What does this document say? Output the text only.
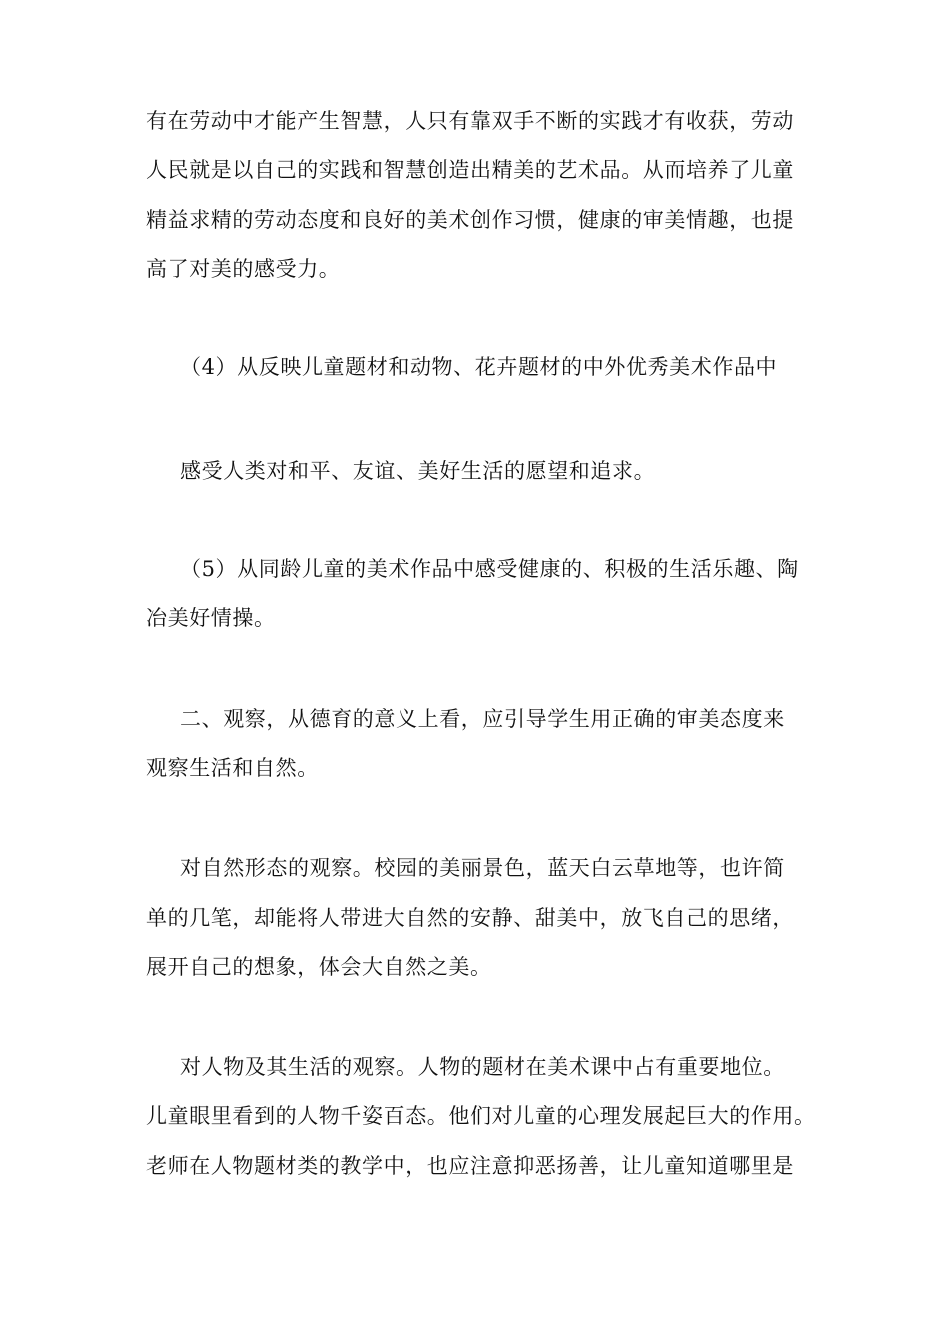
有在劳动中才能产生智慧，人只有靠双手不断的实践才有收获，劳动
人民就是以自己的实践和智慧创造出精美的艺术品。从而培养了儿童
精益求精的劳动态度和良好的美术创作习惯，健康的审美情趣，也提
高了对美的感受力。
（4）从反映儿童题材和动物、花卉题材的中外优秀美术作品中
感受人类对和平、友谊、美好生活的愿望和追求。
（5）从同龄儿童的美术作品中感受健康的、积极的生活乐趣、陶
冶美好情操。
二、观察，从德育的意义上看，应引导学生用正确的审美态度来
观察生活和自然。
对自然形态的观察。校园的美丽景色，蓝天白云草地等，也许简
单的几笔，却能将人带进大自然的安静、甜美中，放飞自己的思绪，
展开自己的想象，体会大自然之美。
对人物及其生活的观察。人物的题材在美术课中占有重要地位。
儿童眼里看到的人物千姿百态。他们对儿童的心理发展起巨大的作用。
老师在人物题材类的教学中，也应注意抑恶扬善，让儿童知道哪里是
